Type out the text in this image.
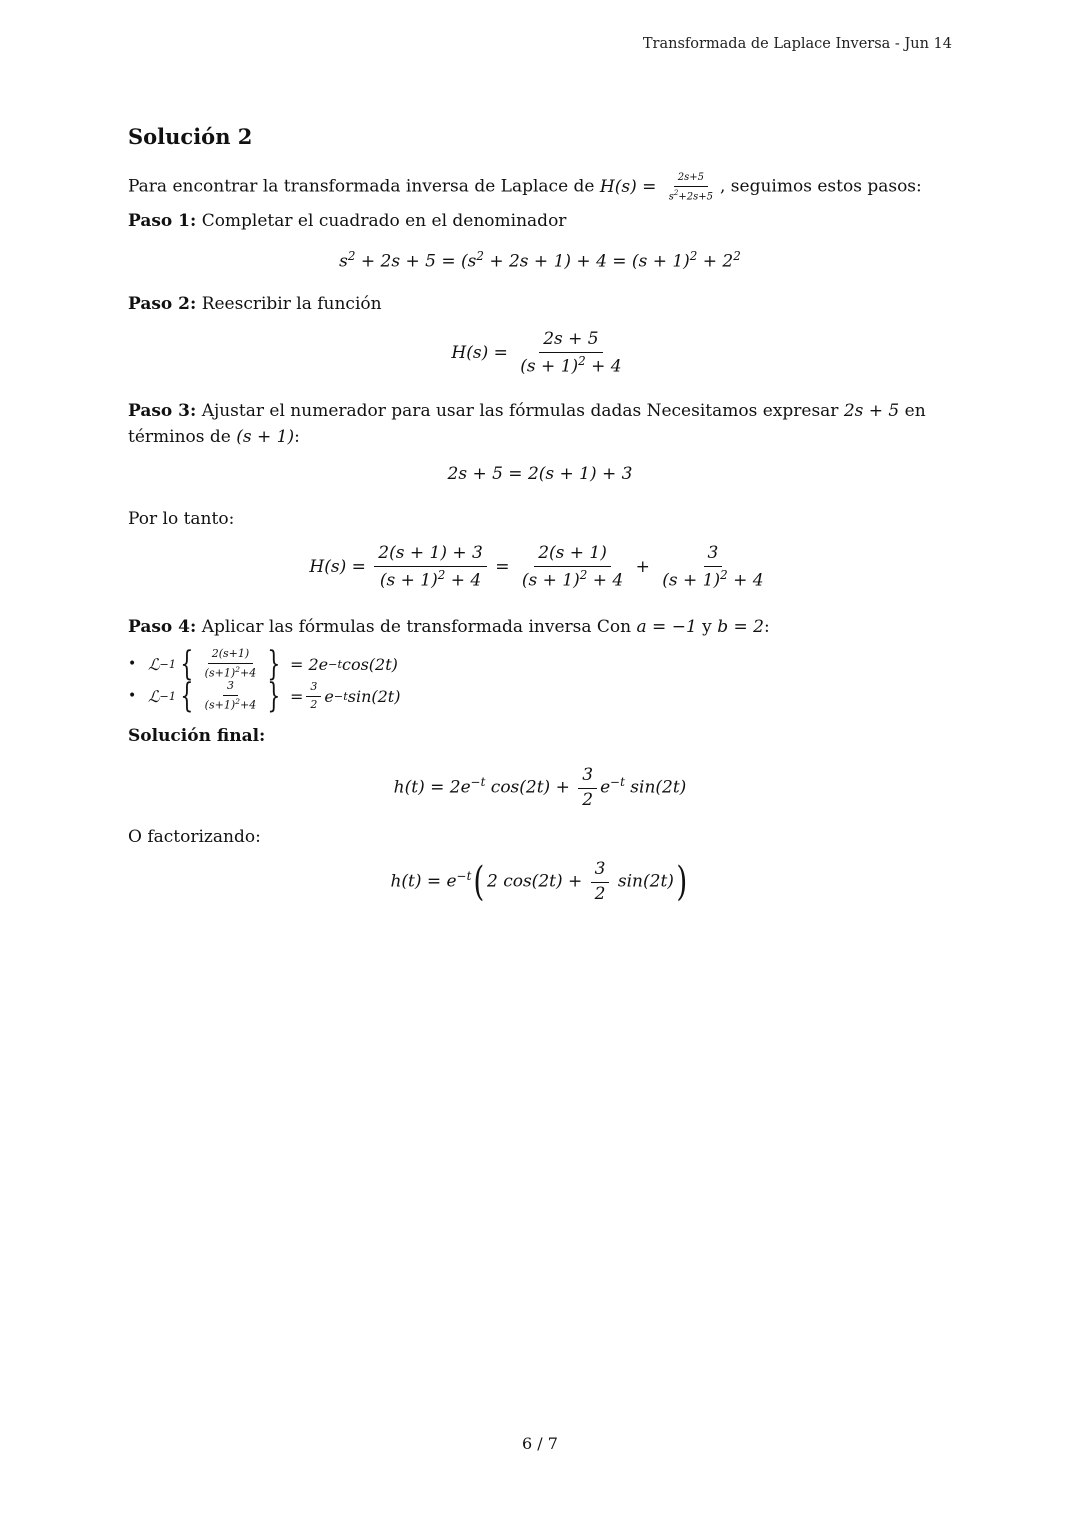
Transformada de Laplace Inversa - Jun 14
Solución 2
Para encontrar la transformada inversa de Laplace de $H(s) = \frac{2s+5}{s^2+2s+5}$ , seguimos estos pasos:
Paso 1: Completar el cuadrado en el denominador
$s^2 + 2s + 5 = (s^2 + 2s + 1) + 4 = (s + 1)^2 + 2^2$
Paso 2: Reescribir la función
$H(s) = \frac{2s + 5}{(s + 1)^2 + 4}$
Paso 3: Ajustar el numerador para usar las fórmulas dadas Necesitamos expresar 2s + 5 en términos de (s + 1):
2s + 5 = 2(s + 1) + 3
Por lo tanto:
$H(s) = \frac{2(s + 1) + 3}{(s + 1)^2 + 4} = \frac{2(s + 1)}{(s + 1)^2 + 4} + \frac{3}{(s + 1)^2 + 4}$
Paso 4: Aplicar las fórmulas de transformada inversa Con a = −1 y b = 2:
• ℒ −1 { $\frac{2(s+1)}{(s+1)^2+4}$ } = 2e −t cos(2t)
• ℒ −1 { $\frac{3}{(s+1)^2+4}$ } = $\frac{3}{2}$ e −t sin(2t)
Solución final:
$h(t) = 2e^{-t}$ $\cos(2t) + \frac{3}{2} e^{-t}$ sin(2t)
O factorizando:
$h(t) = e^{-t}$( 2 $\cos(2t) + \frac{3}{2} \sin(2t)$)
6 / 7
